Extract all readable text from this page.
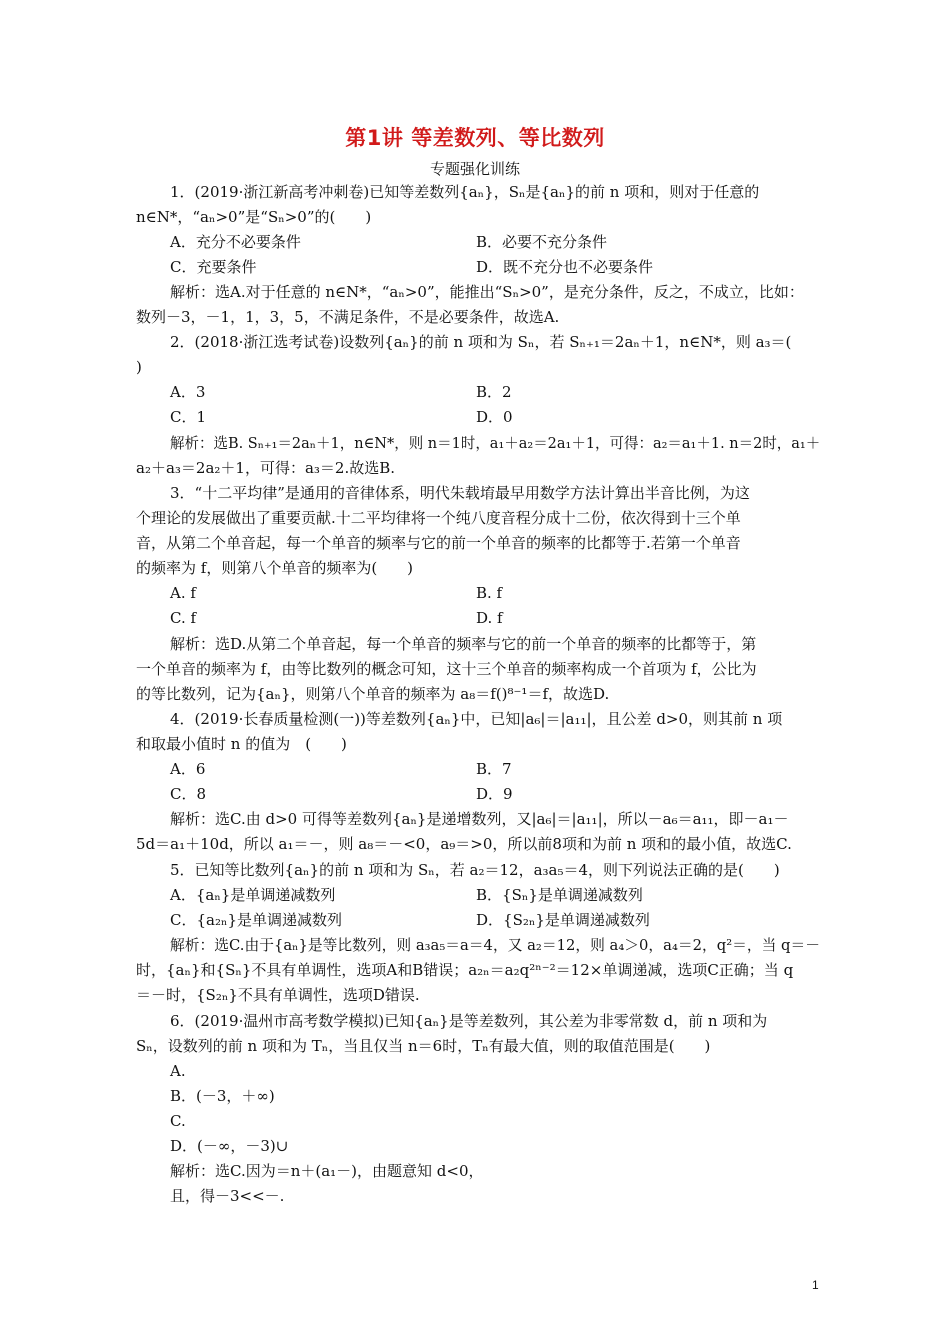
第1讲 等差数列、等比数列
专题强化训练
1．(2019·浙江新高考冲刺卷)已知等差数列{aₙ}，Sₙ是{aₙ}的前 n 项和，则对于任意的
n∈N*，“aₙ>0”是“Sₙ>0”的(　　)
A．充分不必要条件	B．必要不充分条件
C．充要条件	D．既不充分也不必要条件
解析：选A.对于任意的 n∈N*，“aₙ>0”，能推出“Sₙ>0”，是充分条件，反之，不成立，比如：
数列－3，－1，1，3，5，不满足条件，不是必要条件，故选A.
2．(2018·浙江选考试卷)设数列{aₙ}的前 n 项和为 Sₙ，若 Sₙ₊₁＝2aₙ＋1，n∈N*，则 a₃＝(
)
A．3	B．2
C．1	D．0
解析：选B. Sₙ₊₁＝2aₙ＋1，n∈N*，则 n＝1时，a₁＋a₂＝2a₁＋1，可得：a₂＝a₁＋1. n＝2时，a₁＋
a₂＋a₃＝2a₂＋1，可得：a₃＝2.故选B.
3．“十二平均律”是通用的音律体系，明代朱载堉最早用数学方法计算出半音比例，为这
个理论的发展做出了重要贡献.十二平均律将一个纯八度音程分成十二份，依次得到十三个单
音，从第二个单音起，每一个单音的频率与它的前一个单音的频率的比都等于.若第一个单音
的频率为 f，则第八个单音的频率为(　　)
A. f	B. f
C. f	D. f
解析：选D.从第二个单音起，每一个单音的频率与它的前一个单音的频率的比都等于，第
一个单音的频率为 f，由等比数列的概念可知，这十三个单音的频率构成一个首项为 f，公比为
的等比数列，记为{aₙ}，则第八个单音的频率为 a₈＝f()⁸⁻¹＝f，故选D.
4．(2019·长春质量检测(一))等差数列{aₙ}中，已知|a₆|＝|a₁₁|，且公差 d>0，则其前 n 项
和取最小值时 n 的值为　(　　)
A．6	B．7
C．8	D．9
解析：选C.由 d>0 可得等差数列{aₙ}是递增数列，又|a₆|＝|a₁₁|，所以－a₆＝a₁₁，即－a₁－
5d＝a₁＋10d，所以 a₁＝－，则 a₈＝－<0，a₉＝>0，所以前8项和为前 n 项和的最小值，故选C.
5．已知等比数列{aₙ}的前 n 项和为 Sₙ，若 a₂＝12，a₃a₅＝4，则下列说法正确的是(　　)
A．{aₙ}是单调递减数列	B．{Sₙ}是单调递减数列
C．{a₂ₙ}是单调递减数列	D．{S₂ₙ}是单调递减数列
解析：选C.由于{aₙ}是等比数列，则 a₃a₅＝a＝4，又 a₂＝12，则 a₄＞0，a₄＝2，q²＝，当 q＝－
时，{aₙ}和{Sₙ}不具有单调性，选项A和B错误；a₂ₙ＝a₂q²ⁿ⁻²＝12×单调递减，选项C正确；当 q
＝－时，{S₂ₙ}不具有单调性，选项D错误.
6．(2019·温州市高考数学模拟)已知{aₙ}是等差数列，其公差为非零常数 d，前 n 项和为
Sₙ，设数列的前 n 项和为 Tₙ，当且仅当 n＝6时，Tₙ有最大值，则的取值范围是(　　)
A.
B．(－3，＋∞)
C.
D．(－∞，－3)∪
解析：选C.因为＝n＋(a₁－)，由题意知 d<0，
且，得－3<<－.
1
